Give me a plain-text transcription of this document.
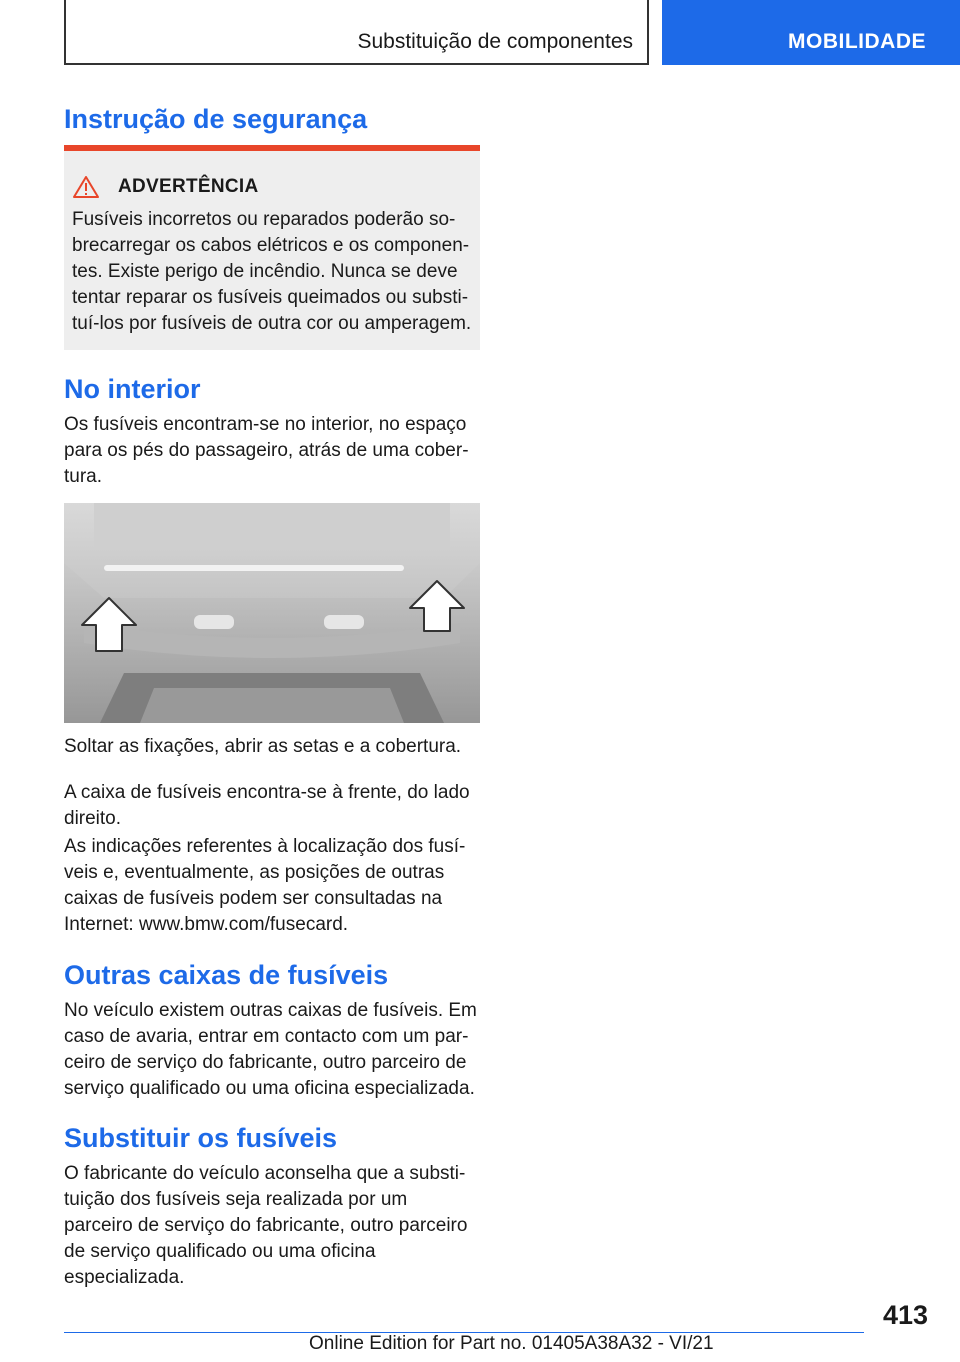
Substituição de componentes	MOBILIDADE
Instrução de segurança
ADVERTÊNCIA

Fusíveis incorretos ou reparados poderão sobrecarregar os cabos elétricos e os componentes. Existe perigo de incêndio. Nunca se deve tentar reparar os fusíveis queimados ou substituí-los por fusíveis de outra cor ou amperagem.

No interior

Os fusíveis encontram-se no interior, no espaço para os pés do passageiro, atrás de uma cobertura.

Soltar as fixações, abrir as setas e a cobertura.

A caixa de fusíveis encontra-se à frente, do lado direito.

As indicações referentes à localização dos fusíveis e, eventualmente, as posições de outras caixas de fusíveis podem ser consultadas na Internet: www.bmw.com/fusecard.

Outras caixas de fusíveis

No veículo existem outras caixas de fusíveis. Em caso de avaria, entrar em contacto com um parceiro de serviço do fabricante, outro parceiro de serviço qualificado ou uma oficina especializada.

Substituir os fusíveis

O fabricante do veículo aconselha que a substituição dos fusíveis seja realizada por um parceiro de serviço do fabricante, outro parceiro de serviço qualificado ou uma oficina especializada.

413
Online Edition for Part no. 01405A38A32 - VI/21
